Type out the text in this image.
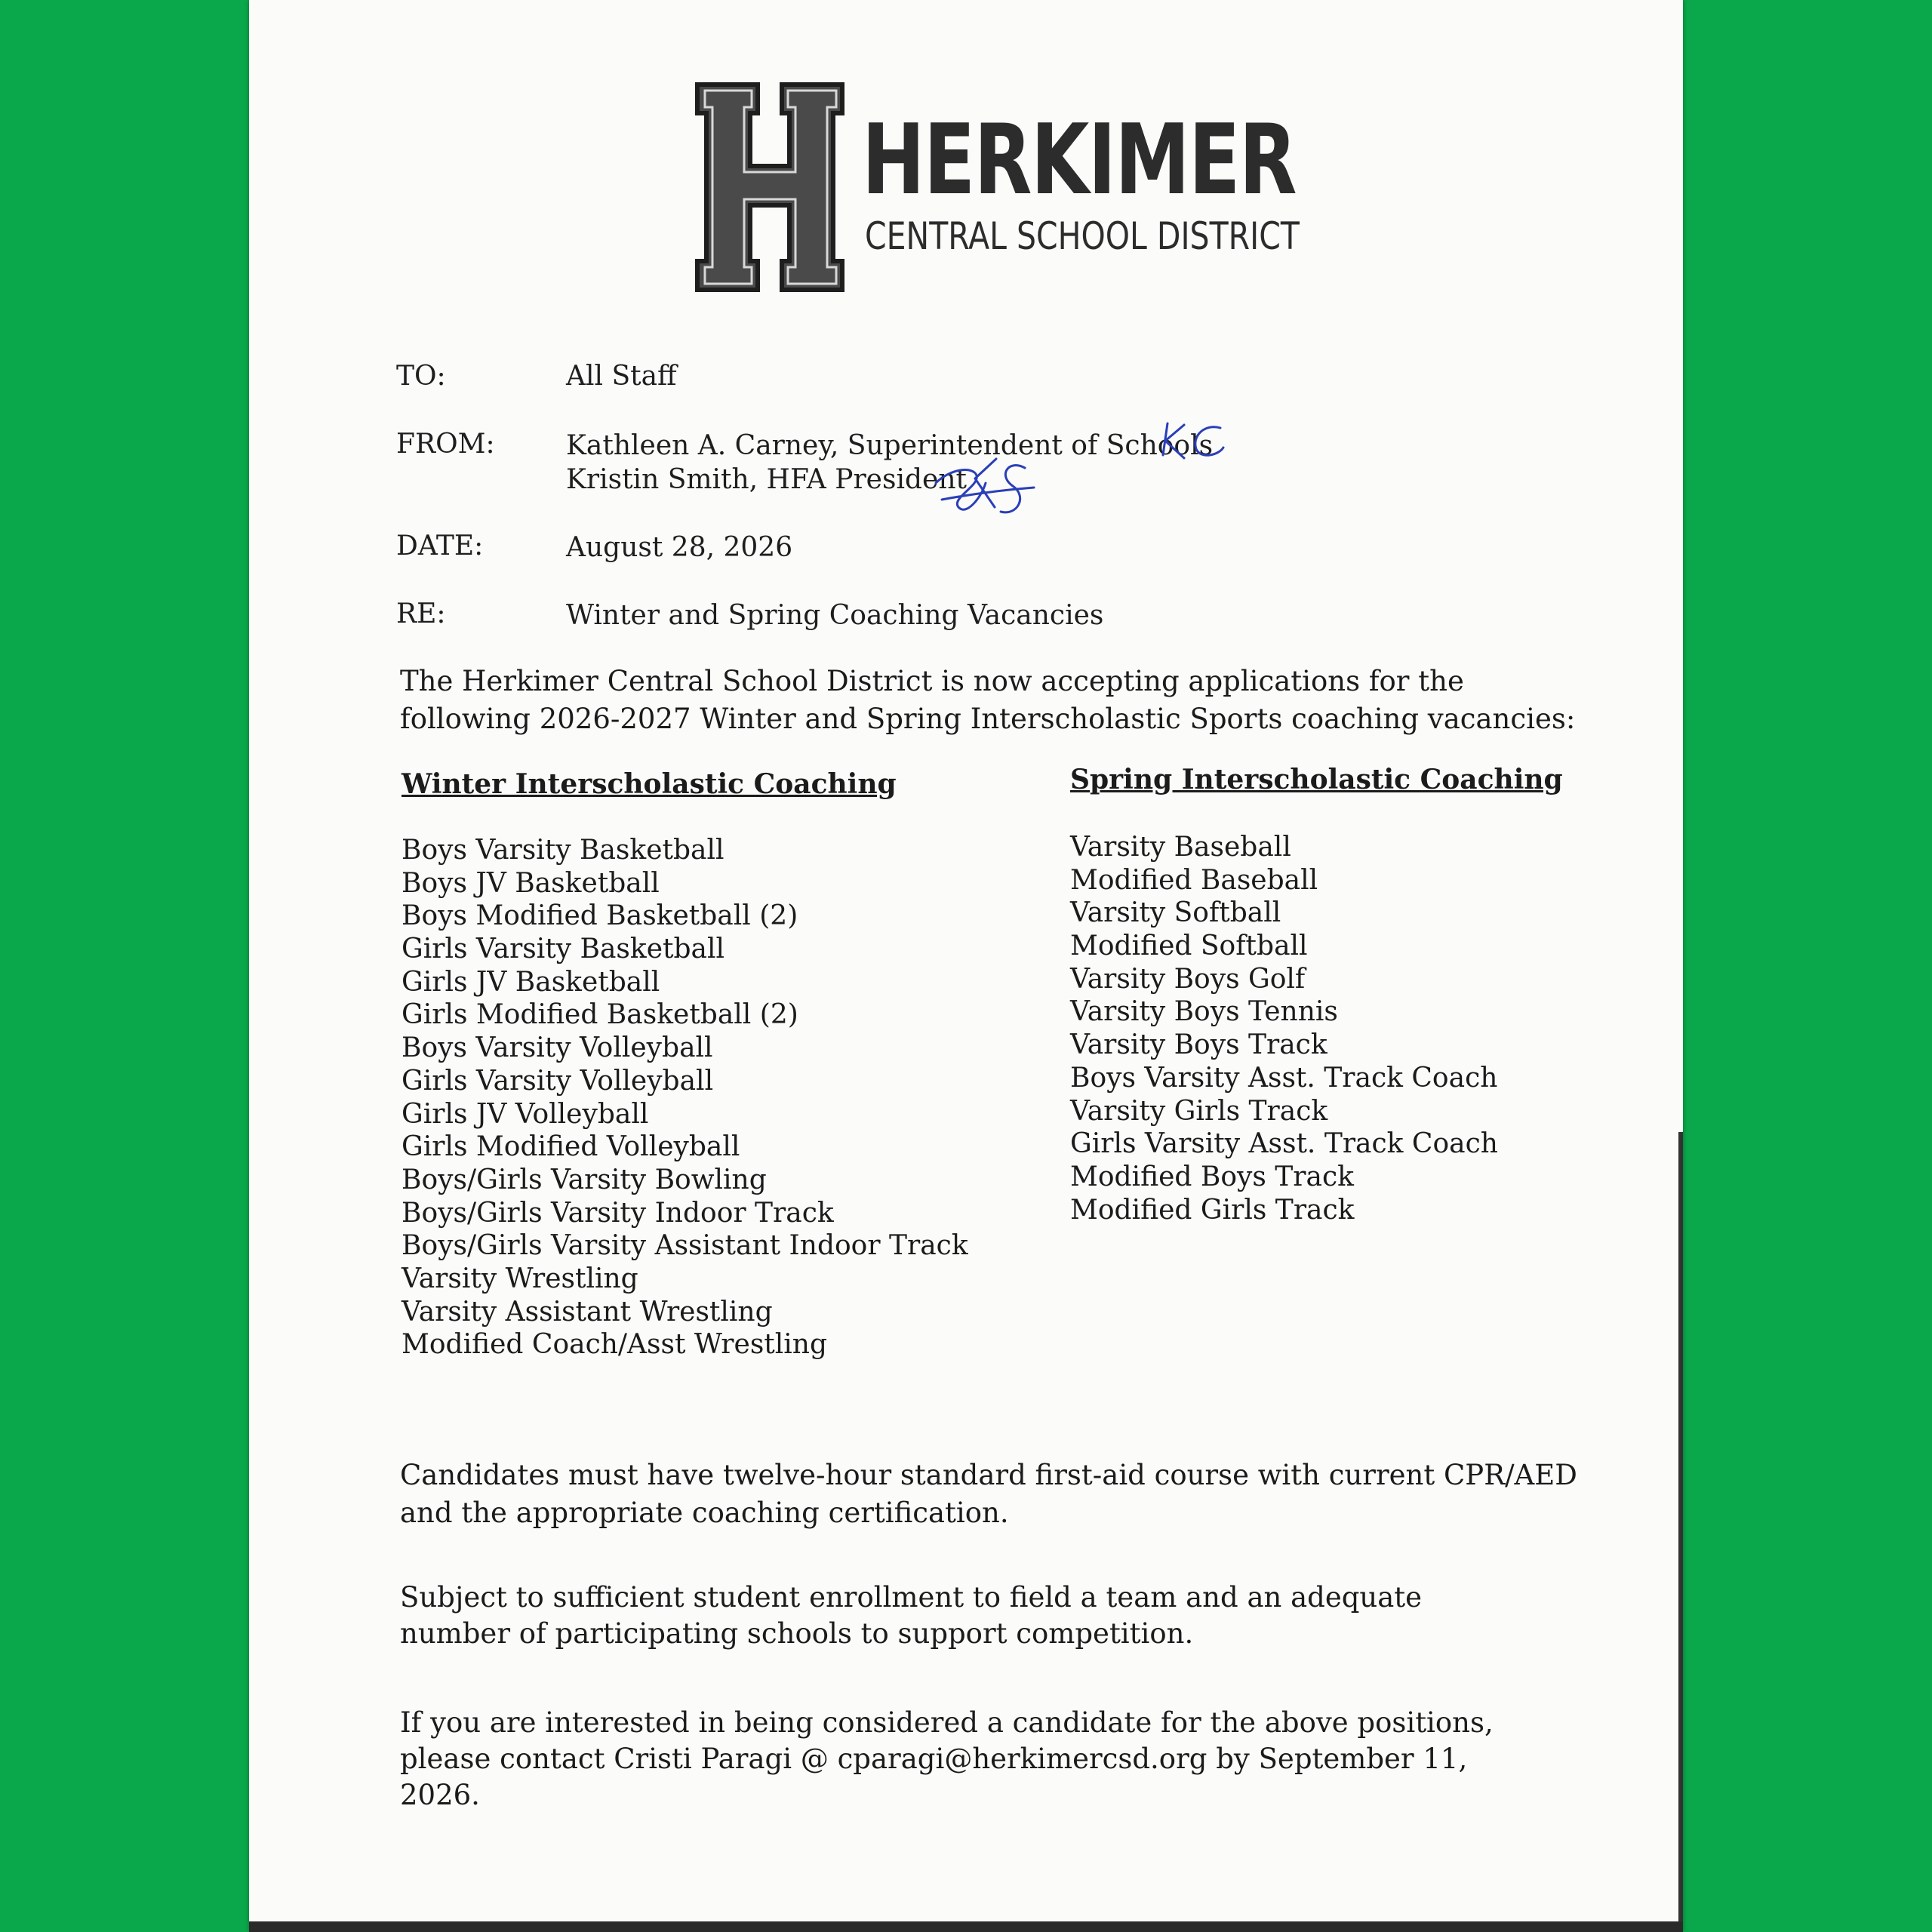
HERKIMER
CENTRAL SCHOOL DISTRICT
TO:	All Staff
FROM:	Kathleen A. Carney, Superintendent of Schools
Kristin Smith, HFA President
DATE:	August 28, 2026
RE:	Winter and Spring Coaching Vacancies
The Herkimer Central School District is now accepting applications for the following 2026-2027 Winter and Spring Interscholastic Sports coaching vacancies:
Winter Interscholastic Coaching
Boys Varsity Basketball
Boys JV Basketball
Boys Modified Basketball (2)
Girls Varsity Basketball
Girls JV Basketball
Girls Modified Basketball (2)
Boys Varsity Volleyball
Girls Varsity Volleyball
Girls JV Volleyball
Girls Modified Volleyball
Boys/Girls Varsity Bowling
Boys/Girls Varsity Indoor Track
Boys/Girls Varsity Assistant Indoor Track
Varsity Wrestling
Varsity Assistant Wrestling
Modified Coach/Asst Wrestling
Spring Interscholastic Coaching
Varsity Baseball
Modified Baseball
Varsity Softball
Modified Softball
Varsity Boys Golf
Varsity Boys Tennis
Varsity Boys Track
Boys Varsity Asst. Track Coach
Varsity Girls Track
Girls Varsity Asst. Track Coach
Modified Boys Track
Modified Girls Track
Candidates must have twelve-hour standard first-aid course with current CPR/AED and the appropriate coaching certification.
Subject to sufficient student enrollment to field a team and an adequate
number of participating schools to support competition.
If you are interested in being considered a candidate for the above positions,
please contact Cristi Paragi @ cparagi@herkimercsd.org by September 11,
2026.
